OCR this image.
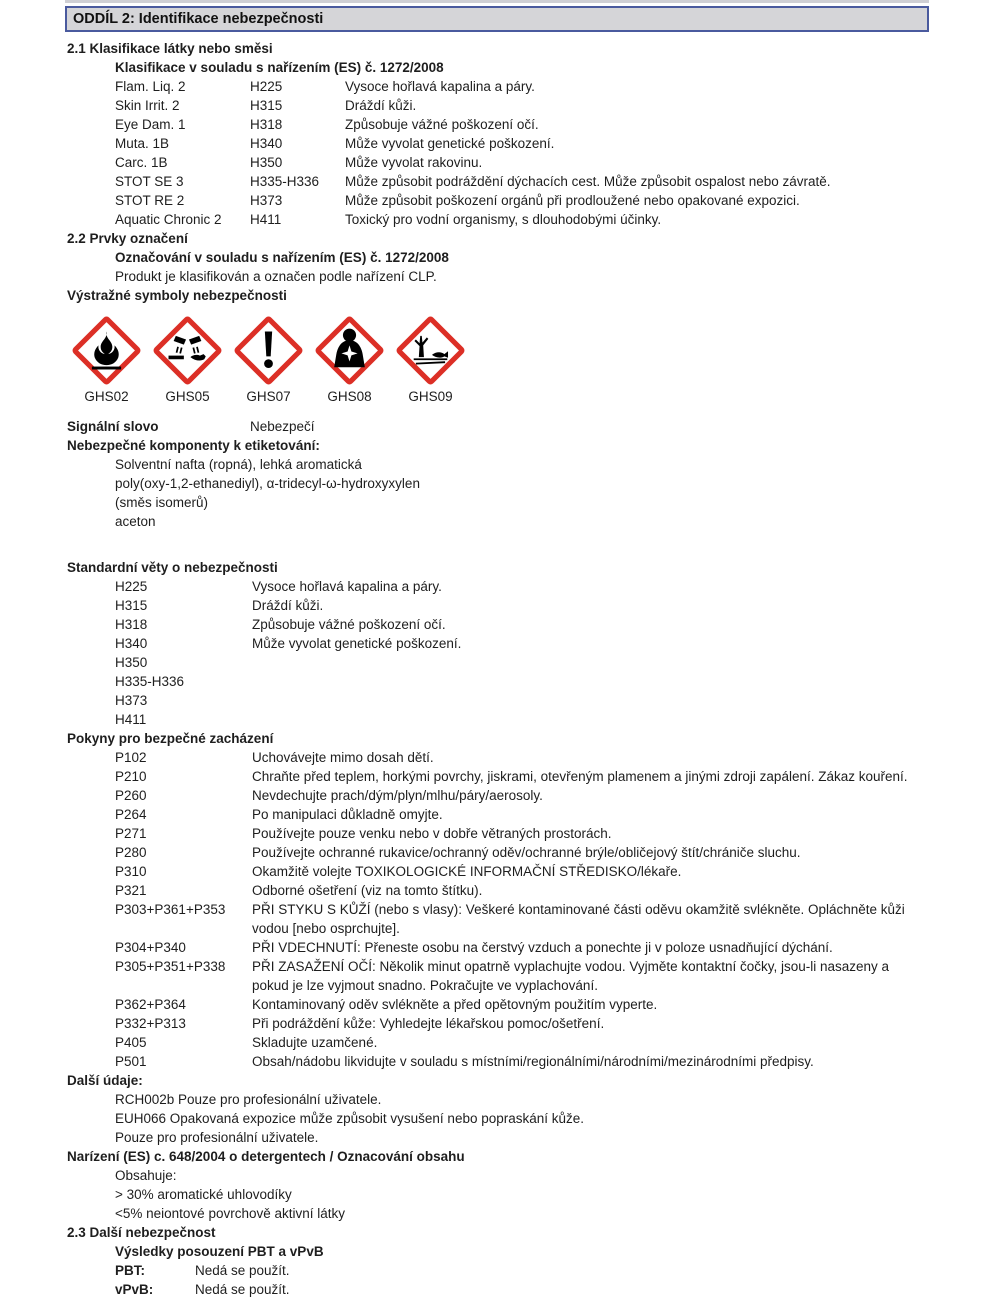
ODDÍL 2: Identifikace nebezpečnosti
2.1 Klasifikace látky nebo směsi
Klasifikace v souladu s nařízením (ES) č. 1272/2008
Flam. Liq. 2	H225	Vysoce hořlavá kapalina a páry.
Skin Irrit. 2	H315	Dráždí kůži.
Eye Dam. 1	H318	Způsobuje vážné poškození očí.
Muta. 1B	H340	Může vyvolat genetické poškození.
Carc. 1B	H350	Může vyvolat rakovinu.
STOT SE 3	H335-H336	Může způsobit podráždění dýchacích cest. Může způsobit ospalost nebo závratě.
STOT RE 2	H373	Může způsobit poškození orgánů při prodloužené nebo opakované expozici.
Aquatic Chronic 2	H411	Toxický pro vodní organismy, s dlouhodobými účinky.
2.2 Prvky označení
Označování v souladu s nařízením (ES) č. 1272/2008
Produkt je klasifikován a označen podle nařízení CLP.
Výstražné symboly nebezpečnosti
GHS02	GHS05	GHS07	GHS08	GHS09
Signální slovo	Nebezpečí
Nebezpečné komponenty k etiketování:
Solventní nafta (ropná), lehká aromatická
poly(oxy-1,2-ethanediyl), α-tridecyl-ω-hydroxyxylen
(směs isomerů)
aceton
Standardní věty o nebezpečnosti
H225	Vysoce hořlavá kapalina a páry.
H315	Dráždí kůži.
H318	Způsobuje vážné poškození očí.
H340	Může vyvolat genetické poškození.
H350
H335-H336
H373
H411
Pokyny pro bezpečné zacházení
P102	Uchovávejte mimo dosah dětí.
P210	Chraňte před teplem, horkými povrchy, jiskrami, otevřeným plamenem a jinými zdroji zapálení. Zákaz kouření.
P260	Nevdechujte prach/dým/plyn/mlhu/páry/aerosoly.
P264	Po manipulaci důkladně omyjte.
P271	Používejte pouze venku nebo v dobře větraných prostorách.
P280	Používejte ochranné rukavice/ochranný oděv/ochranné brýle/obličejový štít/chrániče sluchu.
P310	Okamžitě volejte TOXIKOLOGICKÉ INFORMAČNÍ STŘEDISKO/lékaře.
P321	Odborné ošetření (viz na tomto štítku).
P303+P361+P353	PŘI STYKU S KŮŽÍ (nebo s vlasy): Veškeré kontaminované části oděvu okamžitě svlékněte. Opláchněte kůži vodou [nebo osprchujte].
P304+P340	PŘI VDECHNUTÍ: Přeneste osobu na čerstvý vzduch a ponechte ji v poloze usnadňující dýchání.
P305+P351+P338	PŘI ZASAŽENÍ OČÍ: Několik minut opatrně vyplachujte vodou. Vyjměte kontaktní čočky, jsou-li nasazeny a pokud je lze vyjmout snadno. Pokračujte ve vyplachování.
P362+P364	Kontaminovaný oděv svlékněte a před opětovným použitím vyperte.
P332+P313	Při podráždění kůže: Vyhledejte lékařskou pomoc/ošetření.
P405	Skladujte uzamčené.
P501	Obsah/nádobu likvidujte v souladu s místními/regionálními/národními/mezinárodními předpisy.
Další údaje:
RCH002b Pouze pro profesionální uživatele.
EUH066 Opakovaná expozice může způsobit vysušení nebo popraskání kůže.
Pouze pro profesionální uživatele.
Narízení (ES) c. 648/2004 o detergentech / Oznacování obsahu
Obsahuje:
> 30% aromatické uhlovodíky
<5% neiontové povrchově aktivní látky
2.3 Další nebezpečnost
Výsledky posouzení PBT a vPvB
PBT:	Nedá se použít.
vPvB:	Nedá se použít.
